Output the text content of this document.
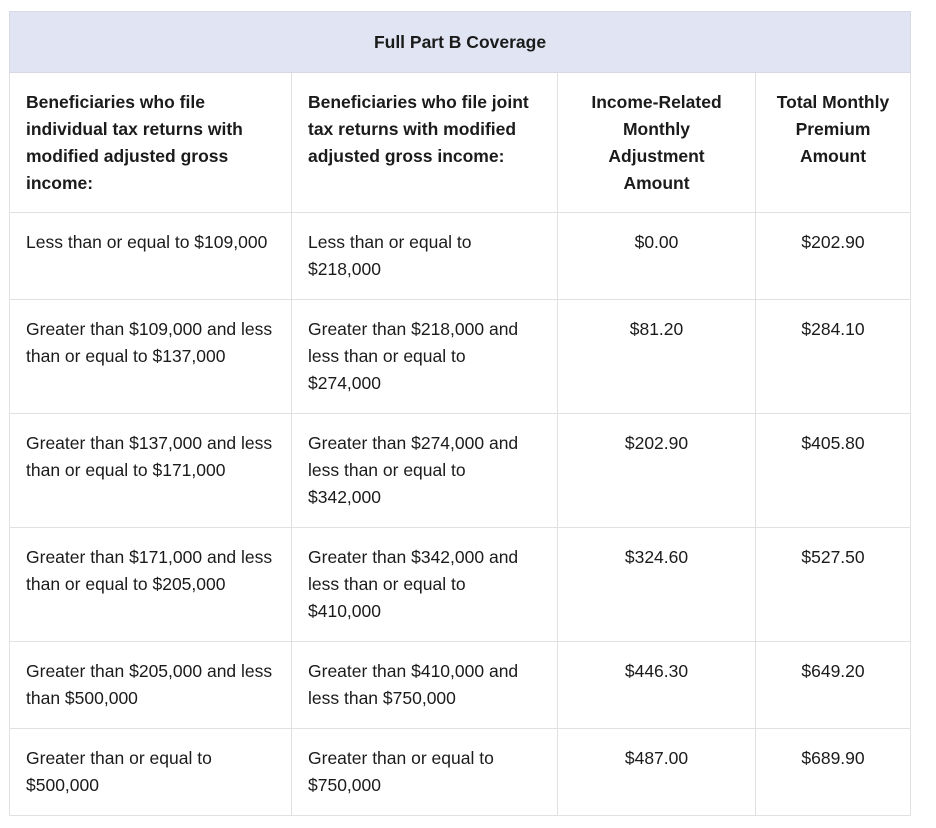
Full Part B Coverage			
Beneficiaries who file individual tax returns with modified adjusted gross income:	Beneficiaries who file joint tax returns with modified adjusted gross income:	Income-Related Monthly Adjustment Amount	Total Monthly Premium Amount
Less than or equal to $109,000	Less than or equal to $218,000	$0.00	$202.90
Greater than $109,000 and less than or equal to $137,000	Greater than $218,000 and less than or equal to $274,000	$81.20	$284.10
Greater than $137,000 and less than or equal to $171,000	Greater than $274,000 and less than or equal to $342,000	$202.90	$405.80
Greater than $171,000 and less than or equal to $205,000	Greater than $342,000 and less than or equal to $410,000	$324.60	$527.50
Greater than $205,000 and less than $500,000	Greater than $410,000 and less than $750,000	$446.30	$649.20
Greater than or equal to $500,000	Greater than or equal to $750,000	$487.00	$689.90
